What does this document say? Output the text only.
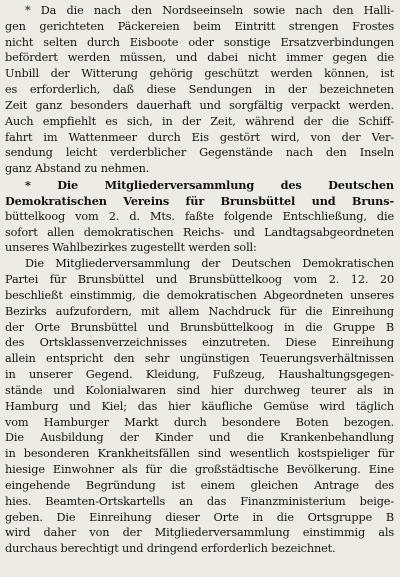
* Da die nach den Nordseeinseln sowie nach den Halli-
gen gerichteten Päckereien beim Eintritt strengen Frostes
nicht selten durch Eisboote oder sonstige Ersatzverbindungen
befördert werden müssen, und dabei nicht immer gegen die
Unbill der Witterung gehörig geschützt werden können, ist
es erforderlich, daß diese Sendungen in der bezeichneten
Zeit ganz besonders dauerhaft und sorgfältig verpackt werden.
Auch empfiehlt es sich, in der Zeit, während der die Schiff-
fahrt im Wattenmeer durch Eis gestört wird, von der Ver-
sendung leicht verderblicher Gegenstände nach den Inseln
ganz Abstand zu nehmen.
* Die Mitgliederversammlung des Deutschen
Demokratischen Vereins für Brunsbüttel und Bruns-
büttelkoog vom 2. d. Mts. faßte folgende Entschließung, die
sofort allen demokratischen Reichs- und Landtagsabgeordneten
unseres Wahlbezirkes zugestellt werden soll:
Die Mitgliederversammlung der Deutschen Demokratischen
Partei für Brunsbüttel und Brunsbüttelkoog vom 2. 12. 20
beschließt einstimmig, die demokratischen Abgeordneten unseres
Bezirks aufzufordern, mit allem Nachdruck für die Einreihung
der Orte Brunsbüttel und Brunsbüttelkoog in die Gruppe B
des Ortsklassenverzeichnisses einzutreten. Diese Einreihung
allein entspricht den sehr ungünstigen Teuerungsverhältnissen
in unserer Gegend. Kleidung, Fußzeug, Haushaltungsgegen-
stände und Kolonialwaren sind hier durchweg teurer als in
Hamburg und Kiel; das hier käufliche Gemüse wird täglich
vom Hamburger Markt durch besondere Boten bezogen.
Die Ausbildung der Kinder und die Krankenbehandlung
in besonderen Krankheitsfällen sind wesentlich kostspieliger für
hiesige Einwohner als für die großstädtische Bevölkerung. Eine
eingehende Begründung ist einem gleichen Antrage des
hies. Beamten-Ortskartells an das Finanzministerium beige-
geben. Die Einreihung dieser Orte in die Ortsgruppe B
wird daher von der Mitgliederversammlung einstimmig als
durchaus berechtigt und dringend erforderlich bezeichnet.
